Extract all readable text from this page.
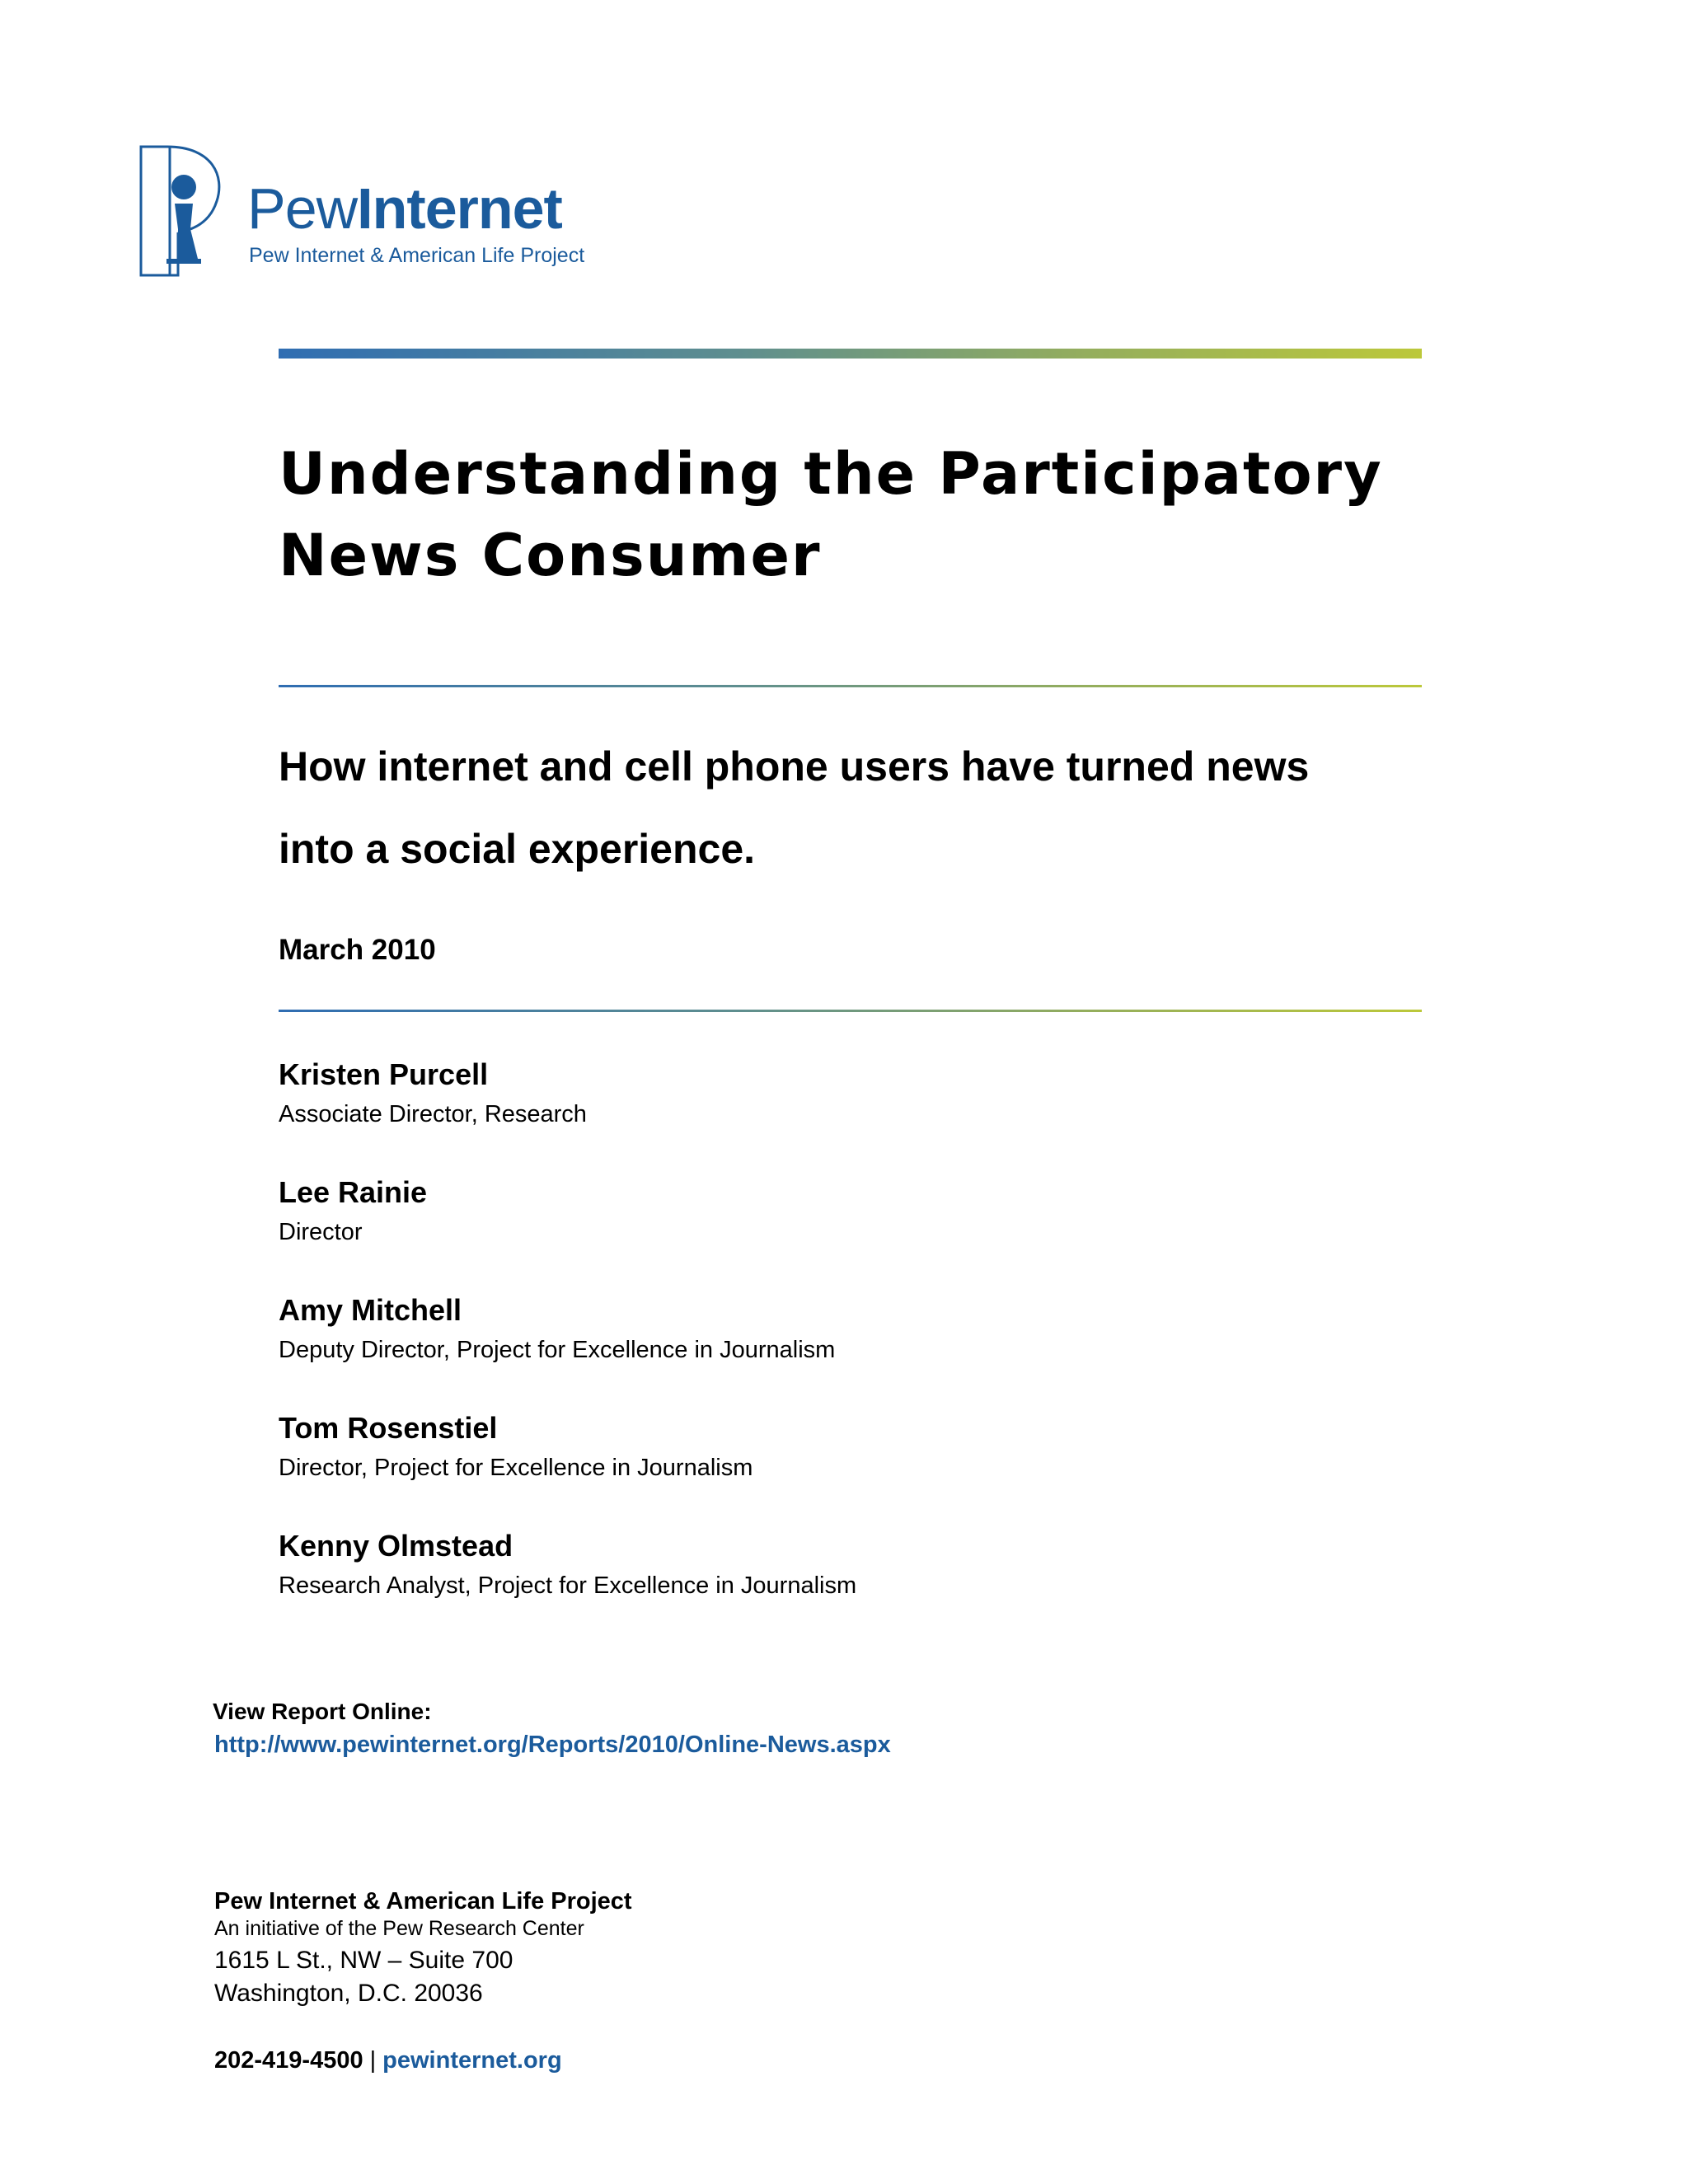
PewInternet
Pew Internet & American Life Project
Understanding the Participatory
News Consumer
How internet and cell phone users have turned news
into a social experience.
March 2010
Kristen Purcell
Associate Director, Research
Lee Rainie
Director
Amy Mitchell
Deputy Director, Project for Excellence in Journalism
Tom Rosenstiel
Director, Project for Excellence in Journalism
Kenny Olmstead
Research Analyst, Project for Excellence in Journalism
View Report Online:
http://www.pewinternet.org/Reports/2010/Online-News.aspx
Pew Internet & American Life Project
An initiative of the Pew Research Center
1615 L St., NW – Suite 700
Washington, D.C. 20036
202-419-4500 | pewinternet.org
